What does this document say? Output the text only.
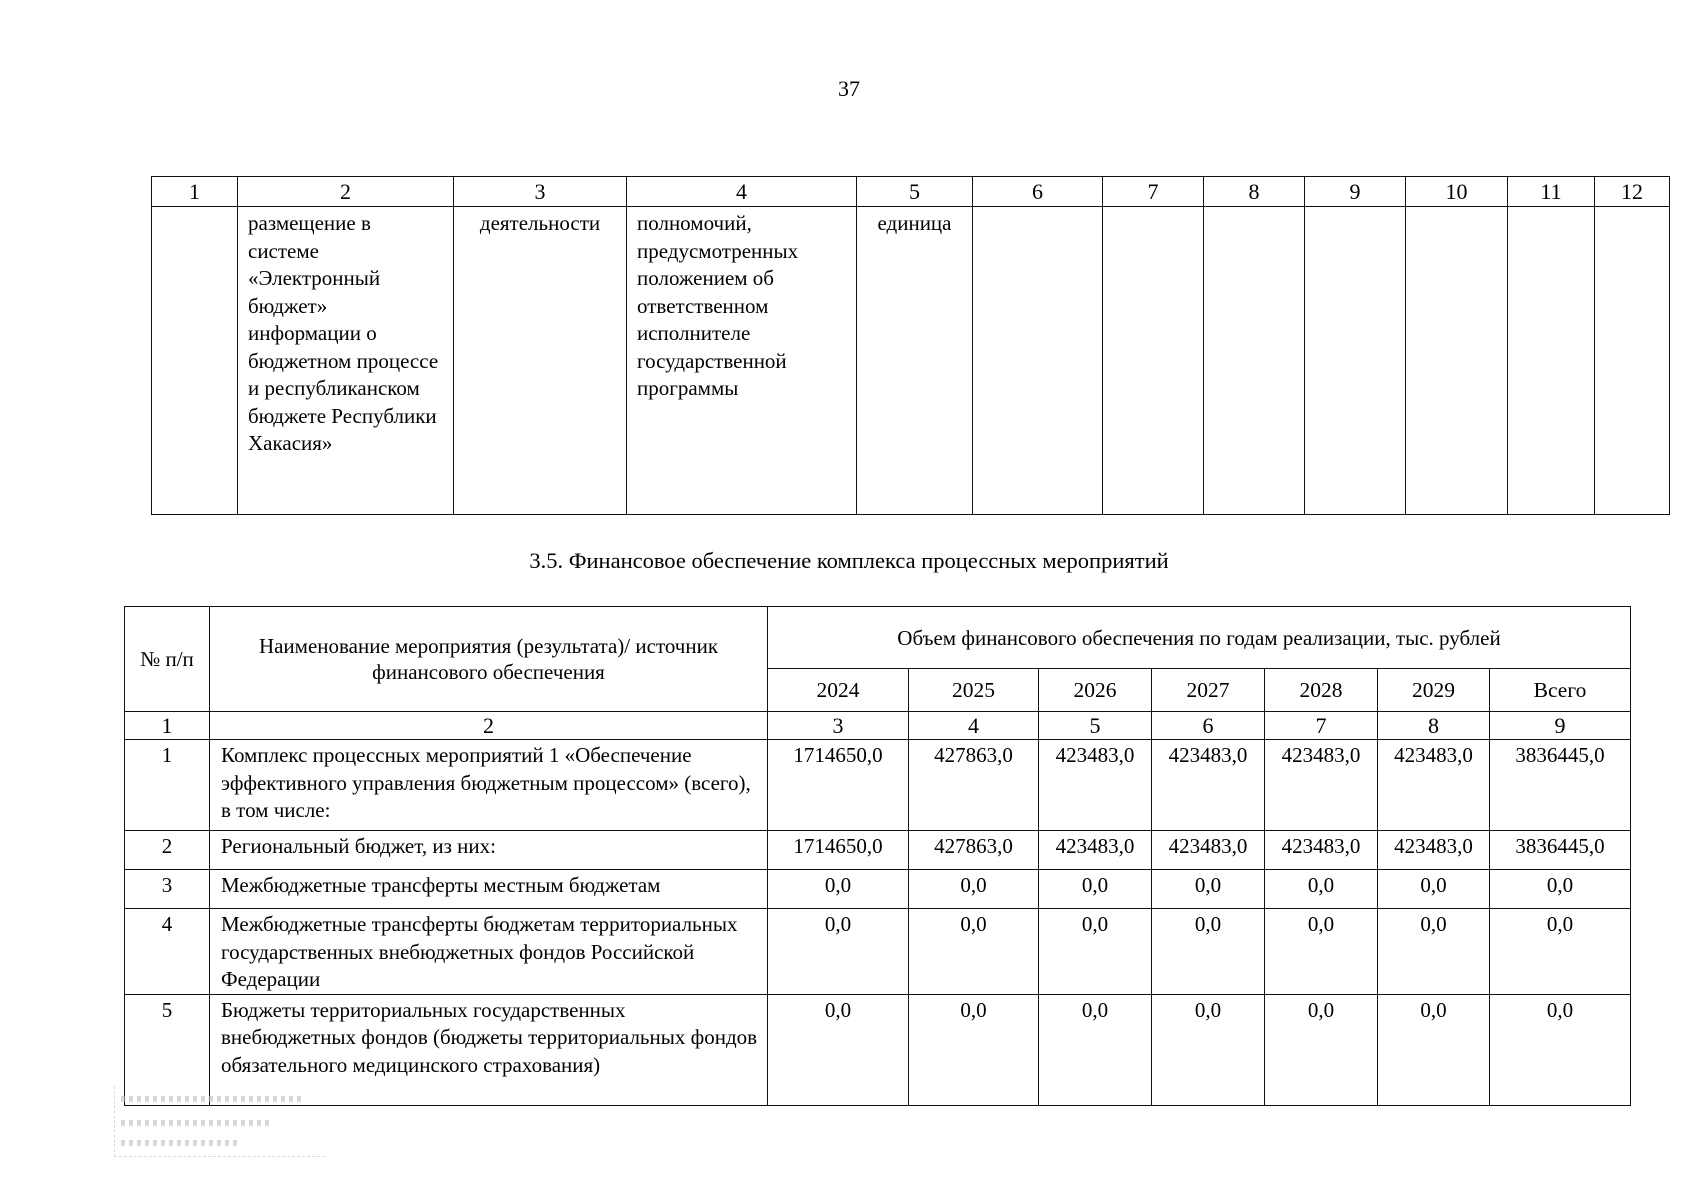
37
1	2	3	4	5	6	7	8	9	10	11	12
	размещение в системе «Электронный бюджет» информации о бюджетном процессе и республиканском бюджете Республики Хакасия»	деятельности	полномочий, предусмотренных положением об ответственном исполнителе государственной программы	единица							
3.5. Финансовое обеспечение комплекса процессных мероприятий
№ п/п	Наименование мероприятия (результата)/ источник финансового обеспечения	Объем финансового обеспечения по годам реализации, тыс. рублей						
		2024	2025	2026	2027	2028	2029	Всего
1	2	3	4	5	6	7	8	9
1	Комплекс процессных мероприятий 1 «Обеспечение эффективного управления бюджетным процессом» (всего), в том числе:	1714650,0	427863,0	423483,0	423483,0	423483,0	423483,0	3836445,0
2	Региональный бюджет, из них:	1714650,0	427863,0	423483,0	423483,0	423483,0	423483,0	3836445,0
3	Межбюджетные трансферты местным бюджетам	0,0	0,0	0,0	0,0	0,0	0,0	0,0
4	Межбюджетные трансферты бюджетам территориальных государственных внебюджетных фондов Российской Федерации	0,0	0,0	0,0	0,0	0,0	0,0	0,0
5	Бюджеты территориальных государственных внебюджетных фондов (бюджеты территориальных фондов обязательного медицинского страхования)	0,0	0,0	0,0	0,0	0,0	0,0	0,0
